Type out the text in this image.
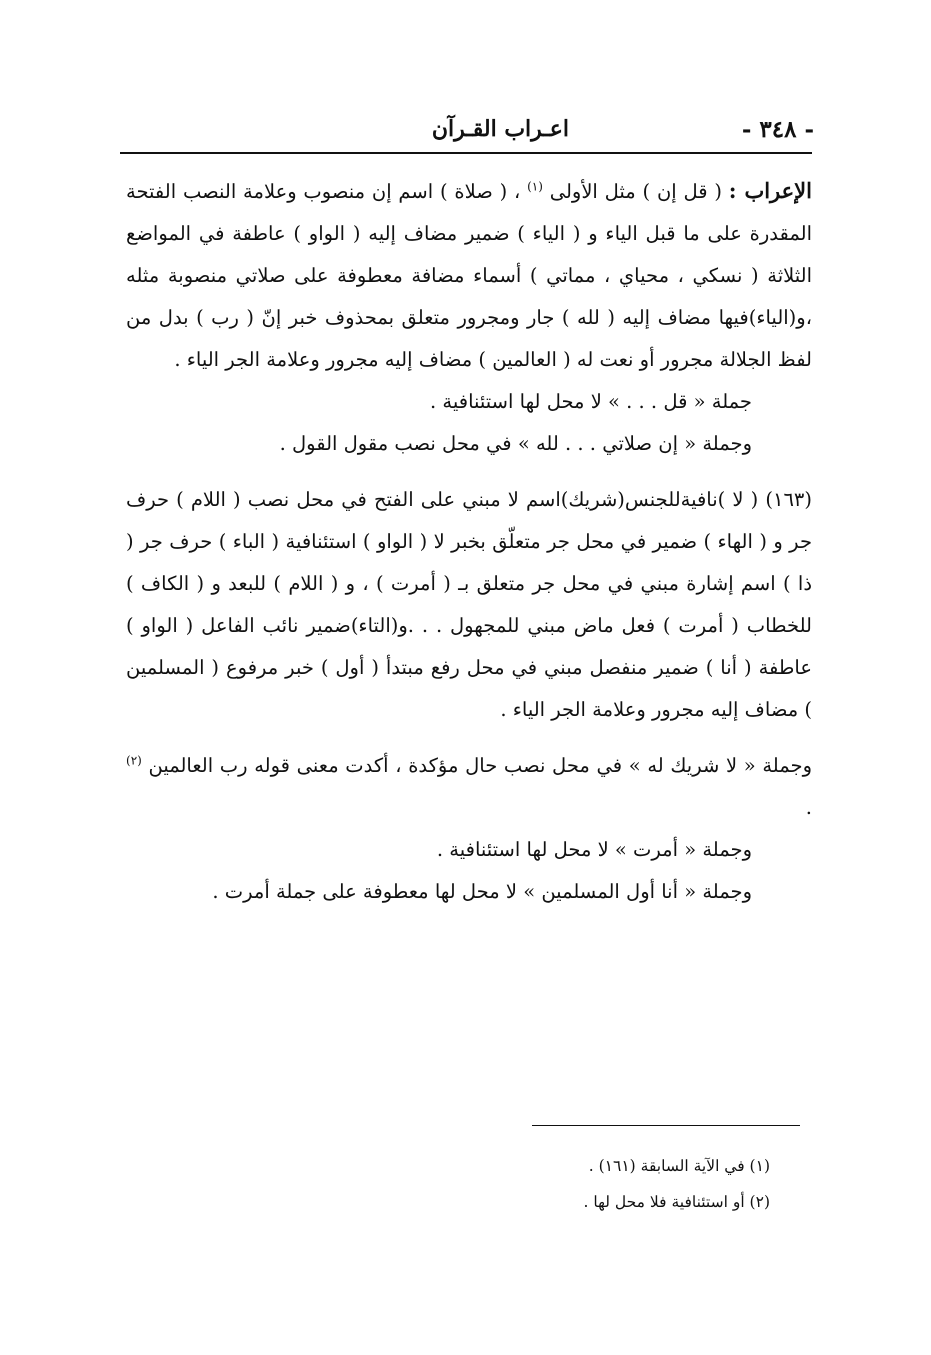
- ٣٤٨ -
اعـراب القـرآن

الإعراب : ( قل إن ) مثل الأولى $^{(١)}$ ، ( صلاة ) اسم إن منصوب وعلامة النصب الفتحة المقدرة على ما قبل الياء و ( الياء ) ضمير مضاف إليه ( الواو ) عاطفة في المواضع الثلاثة ( نسكي ، محياي ، مماتي ) أسماء مضافة معطوفة على صلاتي منصوبة مثله ،و(الياء)فيها مضاف إليه ( لله ) جار ومجرور متعلق بمحذوف خبر إنّ ( رب ) بدل من لفظ الجلالة مجرور أو نعت له ( العالمين ) مضاف إليه مجرور وعلامة الجر الياء .

جملة « قل . . . » لا محل لها استئنافية .

وجملة « إن صلاتي . . . لله » في محل نصب مقول القول .

(١٦٣) ( لا )نافيةللجنس(شريك)اسم لا مبني على الفتح في محل نصب ( اللام ) حرف جر و ( الهاء ) ضمير في محل جر متعلّق بخبر لا ( الواو ) استئنافية ( الباء ) حرف جر ( ذا ) اسم إشارة مبني في محل جر متعلق بـ ( أمرت ) ، و ( اللام ) للبعد و ( الكاف ) للخطاب ( أمرت ) فعل ماض مبني للمجهول . . .و(التاء)ضمير نائب الفاعل ( الواو ) عاطفة ( أنا ) ضمير منفصل مبني في محل رفع مبتدأ ( أول ) خبر مرفوع ( المسلمين ) مضاف إليه مجرور وعلامة الجر الياء .

وجملة « لا شريك له » في محل نصب حال مؤكدة ، أكدت معنى قوله رب العالمين $^{(٢)}$ .

وجملة « أمرت » لا محل لها استئنافية .

وجملة « أنا أول المسلمين » لا محل لها معطوفة على جملة أمرت .

(١) في الآية السابقة (١٦١) .

(٢) أو استئنافية فلا محل لها .
